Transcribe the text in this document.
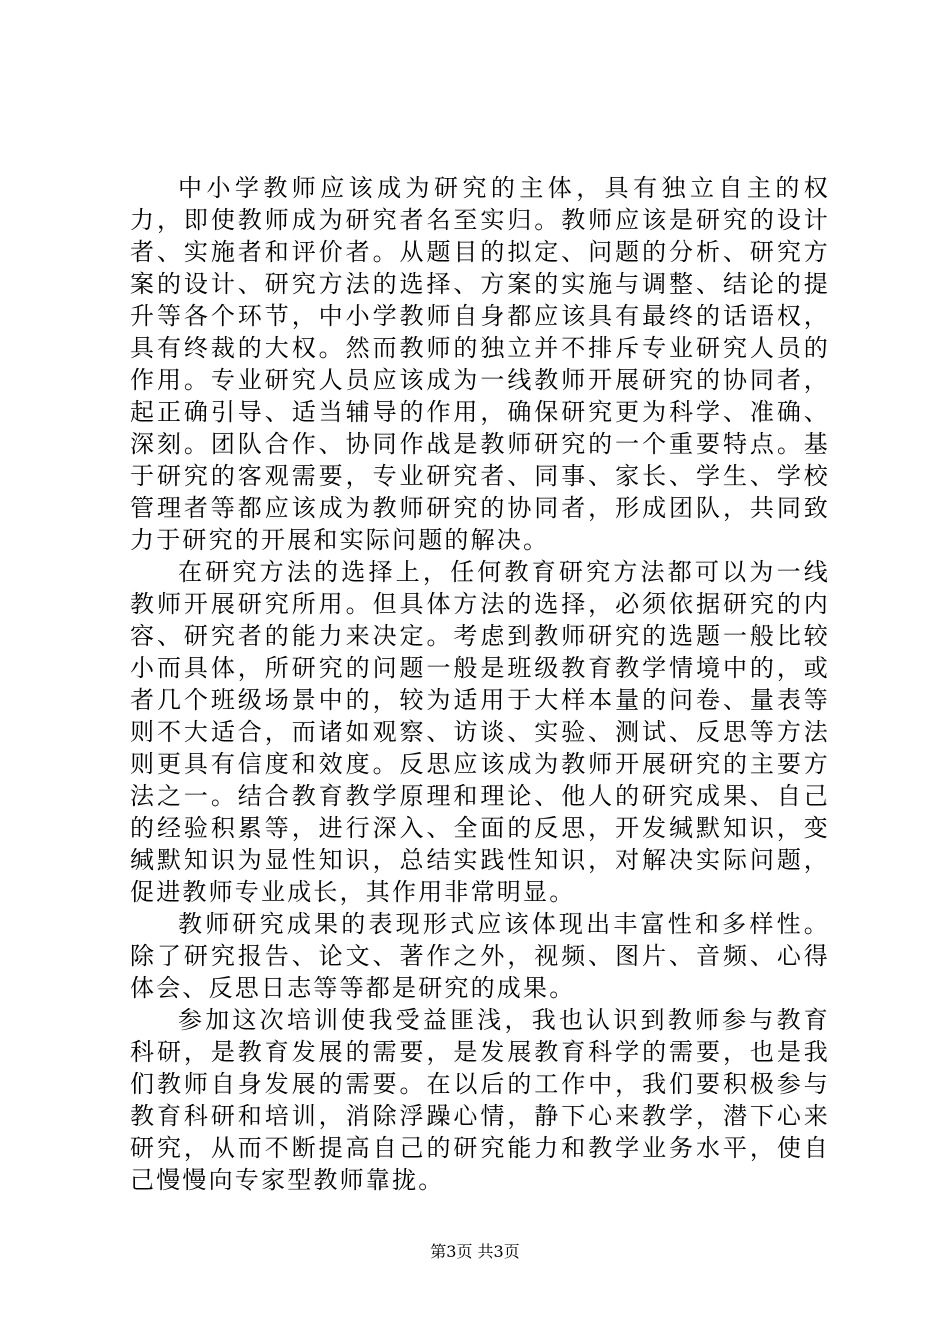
中小学教师应该成为研究的主体，具有独立自主的权力，即使教师成为研究者名至实归。教师应该是研究的设计者、实施者和评价者。从题目的拟定、问题的分析、研究方案的设计、研究方法的选择、方案的实施与调整、结论的提升等各个环节，中小学教师自身都应该具有最终的话语权，具有终裁的大权。然而教师的独立并不排斥专业研究人员的作用。专业研究人员应该成为一线教师开展研究的协同者，起正确引导、适当辅导的作用，确保研究更为科学、准确、深刻。团队合作、协同作战是教师研究的一个重要特点。基于研究的客观需要，专业研究者、同事、家长、学生、学校管理者等都应该成为教师研究的协同者，形成团队，共同致力于研究的开展和实际问题的解决。

在研究方法的选择上，任何教育研究方法都可以为一线教师开展研究所用。但具体方法的选择，必须依据研究的内容、研究者的能力来决定。考虑到教师研究的选题一般比较小而具体，所研究的问题一般是班级教育教学情境中的，或者几个班级场景中的，较为适用于大样本量的问卷、量表等则不大适合，而诸如观察、访谈、实验、测试、反思等方法则更具有信度和效度。反思应该成为教师开展研究的主要方法之一。结合教育教学原理和理论、他人的研究成果、自己的经验积累等，进行深入、全面的反思，开发缄默知识，变缄默知识为显性知识，总结实践性知识，对解决实际问题，促进教师专业成长，其作用非常明显。

教师研究成果的表现形式应该体现出丰富性和多样性。除了研究报告、论文、著作之外，视频、图片、音频、心得体会、反思日志等等都是研究的成果。

参加这次培训使我受益匪浅，我也认识到教师参与教育科研，是教育发展的需要，是发展教育科学的需要，也是我们教师自身发展的需要。在以后的工作中，我们要积极参与教育科研和培训，消除浮躁心情，静下心来教学，潜下心来研究，从而不断提高自己的研究能力和教学业务水平，使自己慢慢向专家型教师靠拢。

第3页 共3页
